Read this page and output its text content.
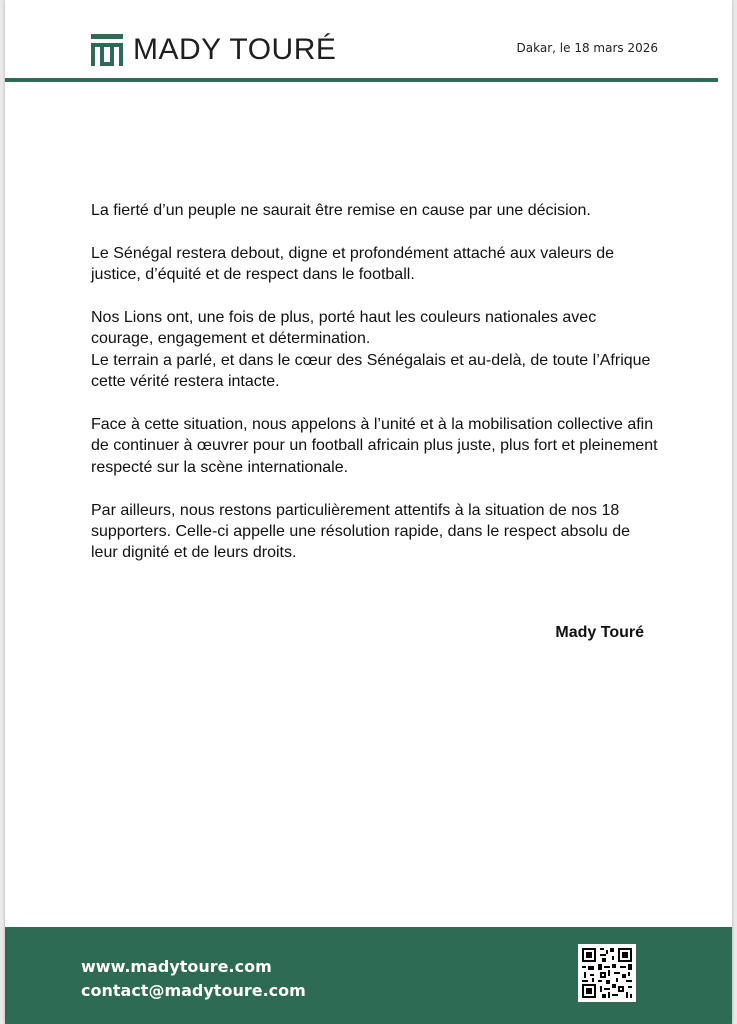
MADY TOURÉ	Dakar, le 18 mars 2026

La fierté d’un peuple ne saurait être remise en cause par une décision.

Le Sénégal restera debout, digne et profondément attaché aux valeurs de justice, d’équité et de respect dans le football.

Nos Lions ont, une fois de plus, porté haut les couleurs nationales avec courage, engagement et détermination.
Le terrain a parlé, et dans le cœur des Sénégalais et au-delà, de toute l’Afrique cette vérité restera intacte.

Face à cette situation, nous appelons à l’unité et à la mobilisation collective afin de continuer à œuvrer pour un football africain plus juste, plus fort et pleinement respecté sur la scène internationale.

Par ailleurs, nous restons particulièrement attentifs à la situation de nos 18 supporters. Celle-ci appelle une résolution rapide, dans le respect absolu de leur dignité et de leurs droits.

Mady Touré
www.madytoure.com
contact@madytoure.com
